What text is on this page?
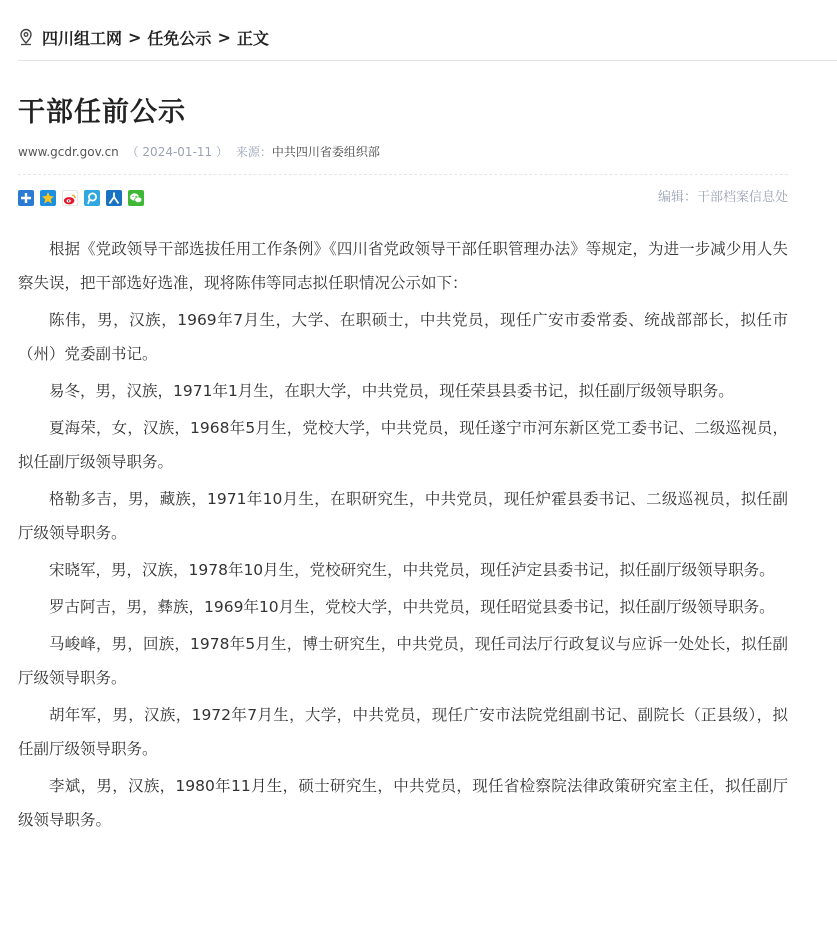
四川组工网 > 任免公示 > 正文
干部任前公示
www.gcdr.gov.cn （ 2024-01-11 ） 来源：中共四川省委组织部
编辑：干部档案信息处

根据《党政领导干部选拔任用工作条例》《四川省党政领导干部任职管理办法》等规定，为进一步减少用人失察失误，把干部选好选准，现将陈伟等同志拟任职情况公示如下：

陈伟，男，汉族，1969年7月生，大学、在职硕士，中共党员，现任广安市委常委、统战部部长，拟任市（州）党委副书记。

易冬，男，汉族，1971年1月生，在职大学，中共党员，现任荣县县委书记，拟任副厅级领导职务。

夏海荣，女，汉族，1968年5月生，党校大学，中共党员，现任遂宁市河东新区党工委书记、二级巡视员，拟任副厅级领导职务。

格勒多吉，男，藏族，1971年10月生，在职研究生，中共党员，现任炉霍县委书记、二级巡视员，拟任副厅级领导职务。

宋晓军，男，汉族，1978年10月生，党校研究生，中共党员，现任泸定县委书记，拟任副厅级领导职务。

罗古阿吉，男，彝族，1969年10月生，党校大学，中共党员，现任昭觉县委书记，拟任副厅级领导职务。

马峻峰，男，回族，1978年5月生，博士研究生，中共党员，现任司法厅行政复议与应诉一处处长，拟任副厅级领导职务。

胡年军，男，汉族，1972年7月生，大学，中共党员，现任广安市法院党组副书记、副院长（正县级），拟任副厅级领导职务。

李斌，男，汉族，1980年11月生，硕士研究生，中共党员，现任省检察院法律政策研究室主任，拟任副厅级领导职务。
